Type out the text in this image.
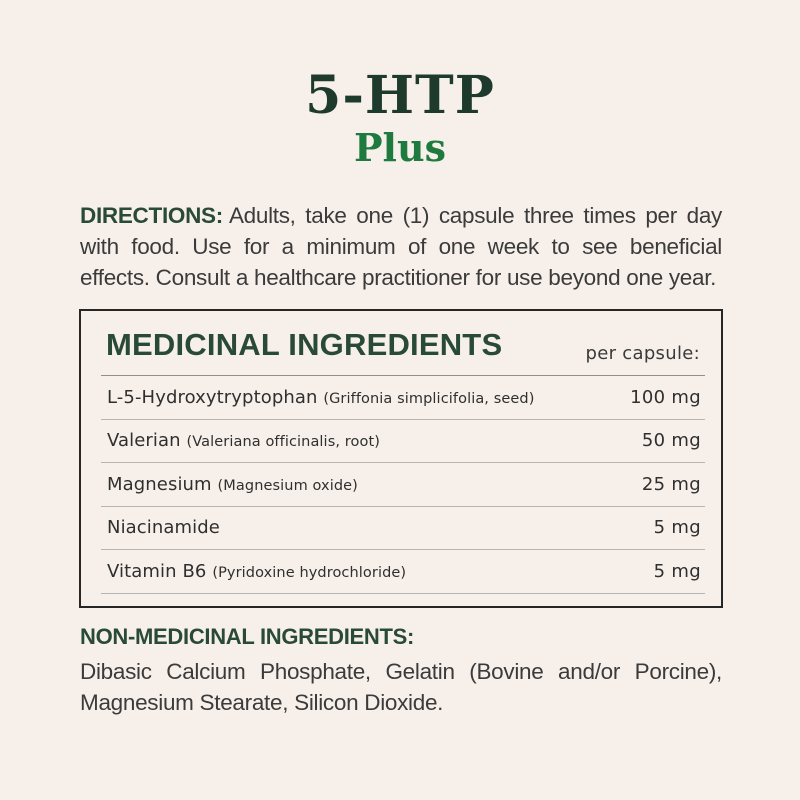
5-HTP
Plus

DIRECTIONS: Adults, take one (1) capsule three times per day with food. Use for a minimum of one week to see beneficial effects. Consult a healthcare practitioner for use beyond one year.

MEDICINAL INGREDIENTS	per capsule:
L-5-Hydroxytryptophan (Griffonia simplicifolia, seed)	100 mg
Valerian (Valeriana officinalis, root)	50 mg
Magnesium (Magnesium oxide)	25 mg
Niacinamide	5 mg
Vitamin B6 (Pyridoxine hydrochloride)	5 mg
NON-MEDICINAL INGREDIENTS:

Dibasic Calcium Phosphate, Gelatin (Bovine and/or Porcine), Magnesium Stearate, Silicon Dioxide.
